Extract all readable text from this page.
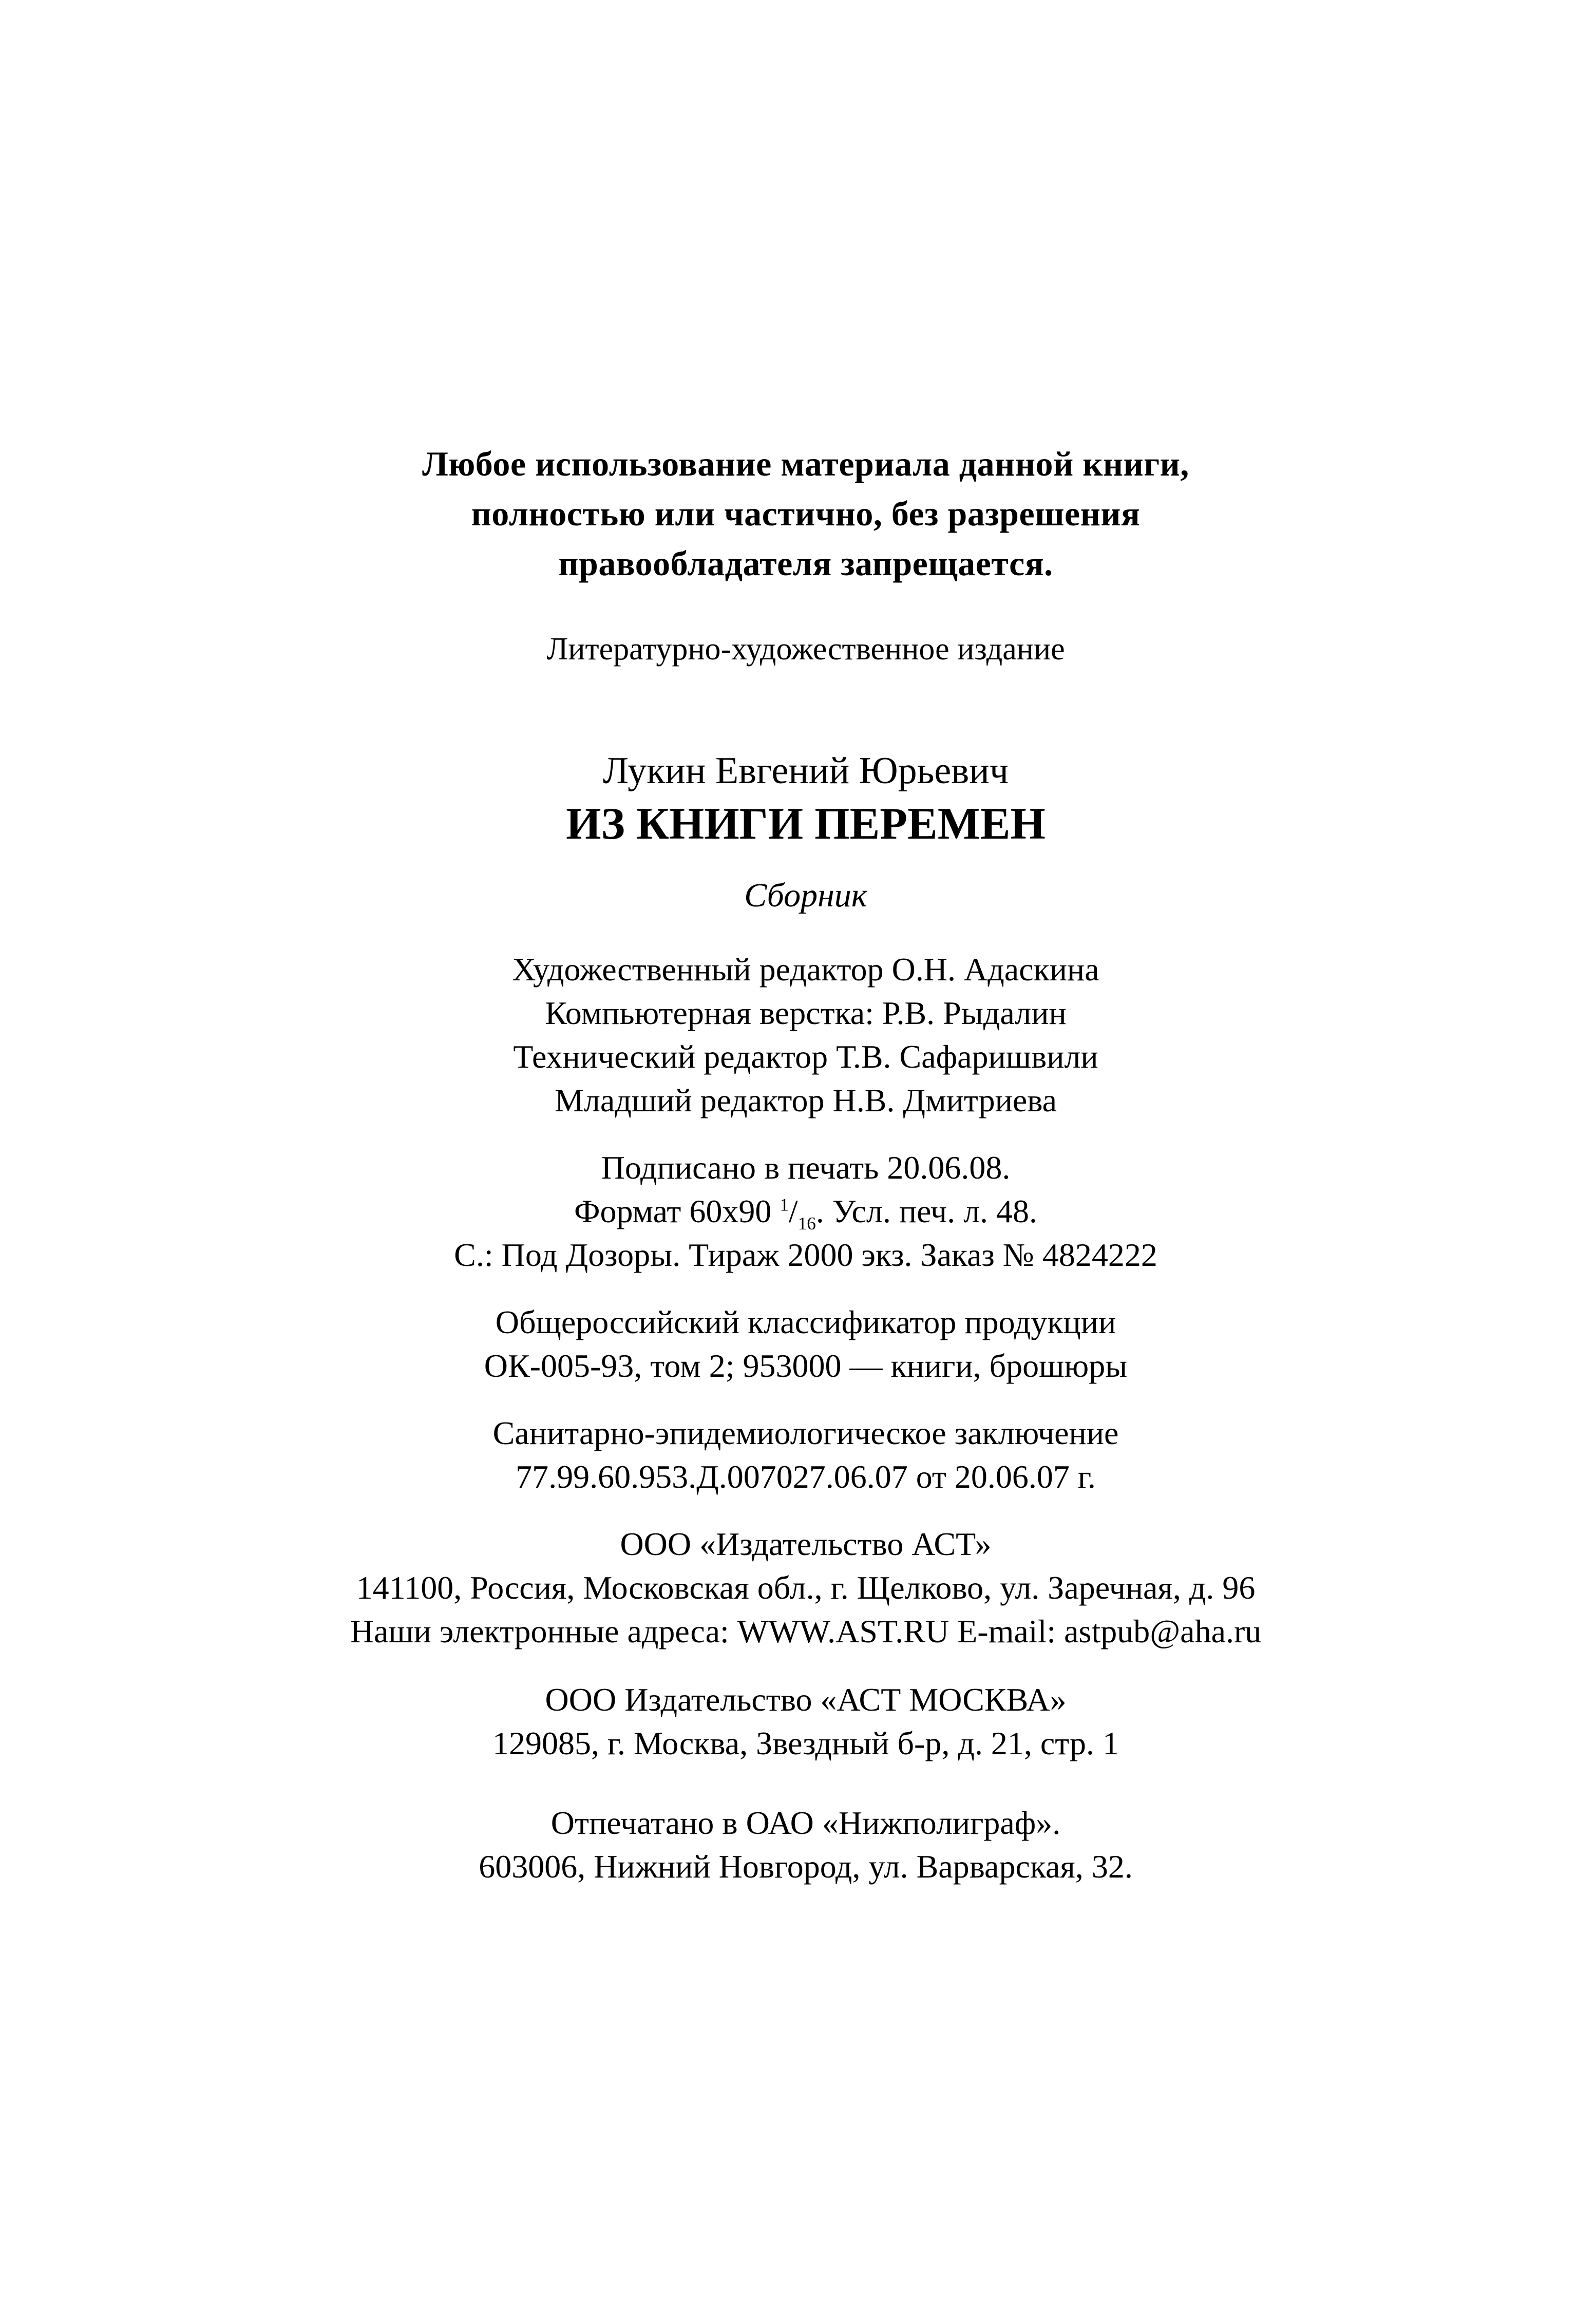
Любое использование материала данной книги,
полностью или частично, без разрешения
правообладателя запрещается.
Литературно-художественное издание
Лукин Евгений Юрьевич
ИЗ КНИГИ ПЕРЕМЕН
Сборник
Художественный редактор О.Н. Адаскина
Компьютерная верстка: Р.В. Рыдалин
Технический редактор Т.В. Сафаришвили
Младший редактор Н.В. Дмитриева
Подписано в печать 20.06.08.
Формат 60х90 $^1/_{16}$. Усл. печ. л. 48.
С.: Под Дозоры. Тираж 2000 экз. Заказ № 4824222
Общероссийский классификатор продукции
ОК-005-93, том 2; 953000 — книги, брошюры
Санитарно-эпидемиологическое заключение
77.99.60.953.Д.007027.06.07 от 20.06.07 г.
ООО «Издательство АСТ»
141100, Россия, Московская обл., г. Щелково, ул. Заречная, д. 96
Наши электронные адреса: WWW.AST.RU E-mail: astpub@aha.ru
ООО Издательство «АСТ МОСКВА»
129085, г. Москва, Звездный б-р, д. 21, стр. 1
Отпечатано в ОАО «Нижполиграф».
603006, Нижний Новгород, ул. Варварская, 32.
